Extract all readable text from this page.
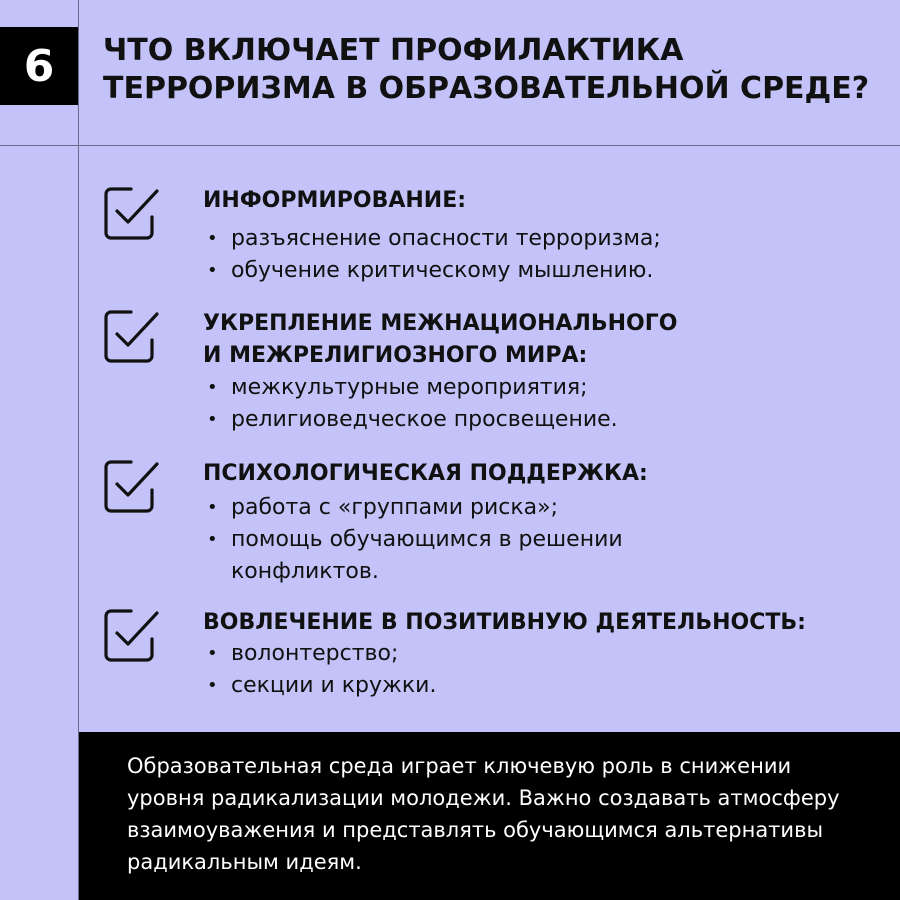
6 ЧТО ВКЛЮЧАЕТ ПРОФИЛАКТИКА
ТЕРРОРИЗМА В ОБРАЗОВАТЕЛЬНОЙ СРЕДЕ?
ИНФОРМИРОВАНИЕ:
• разъяснение опасности терроризма;
• обучение критическому мышлению.
УКРЕПЛЕНИЕ МЕЖНАЦИОНАЛЬНОГО
И МЕЖРЕЛИГИОЗНОГО МИРА:
• межкультурные мероприятия;
• религиоведческое просвещение.
ПСИХОЛОГИЧЕСКАЯ ПОДДЕРЖКА:
• работа с «группами риска»;
• помощь обучающимся в решении
конфликтов.
ВОВЛЕЧЕНИЕ В ПОЗИТИВНУЮ ДЕЯТЕЛЬНОСТЬ:
• волонтерство;
• секции и кружки.

Образовательная среда играет ключевую роль в снижении
уровня радикализации молодежи. Важно создавать атмосферу
взаимоуважения и представлять обучающимся альтернативы
радикальным идеям.
